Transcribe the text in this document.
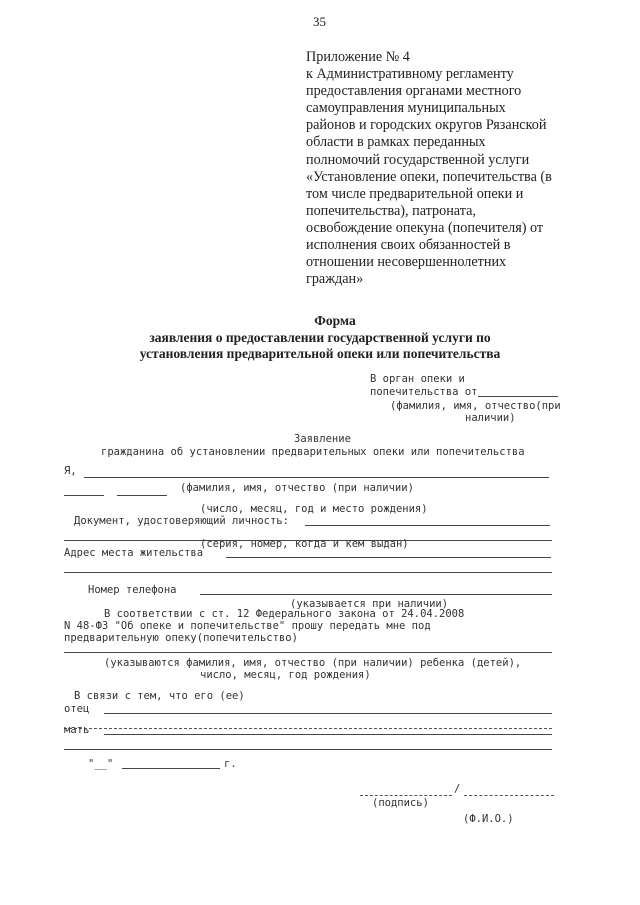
35
Приложение № 4
к Административному регламенту
предоставления органами местного
самоуправления муниципальных
районов и городских округов Рязанской
области в рамках переданных
полномочий государственной услуги
«Установление опеки, попечительства (в
том числе предварительной опеки и
попечительства), патроната,
освобождение опекуна (попечителя) от
исполнения своих обязанностей в
отношении несовершеннолетних
граждан»
Форма
заявления о предоставлении государственной услуги по
установления предварительной опеки или попечительства
В орган опеки и
попечительства от
(фамилия, имя, отчество(при
наличии)
Заявление
гражданина об установлении предварительных опеки или попечительства
Я,
(фамилия, имя, отчество (при наличии)
(число, месяц, год и место рождения)
Документ, удостоверяющий личность:
(серия, номер, когда и кем выдан)
Адрес места жительства
Номер телефона
(указывается при наличии)
В соответствии с ст. 12 Федерального закона от 24.04.2008
N 48-ФЗ "Об опеке и попечительстве" прошу передать мне под
предварительную опеку(попечительство)
(указываются фамилия, имя, отчество (при наличии) ребенка (детей),
число, месяц, год рождения)
В связи с тем, что его (ее)
отец
мать
"__"	г.
/
(подпись)
(Ф.И.О.)
